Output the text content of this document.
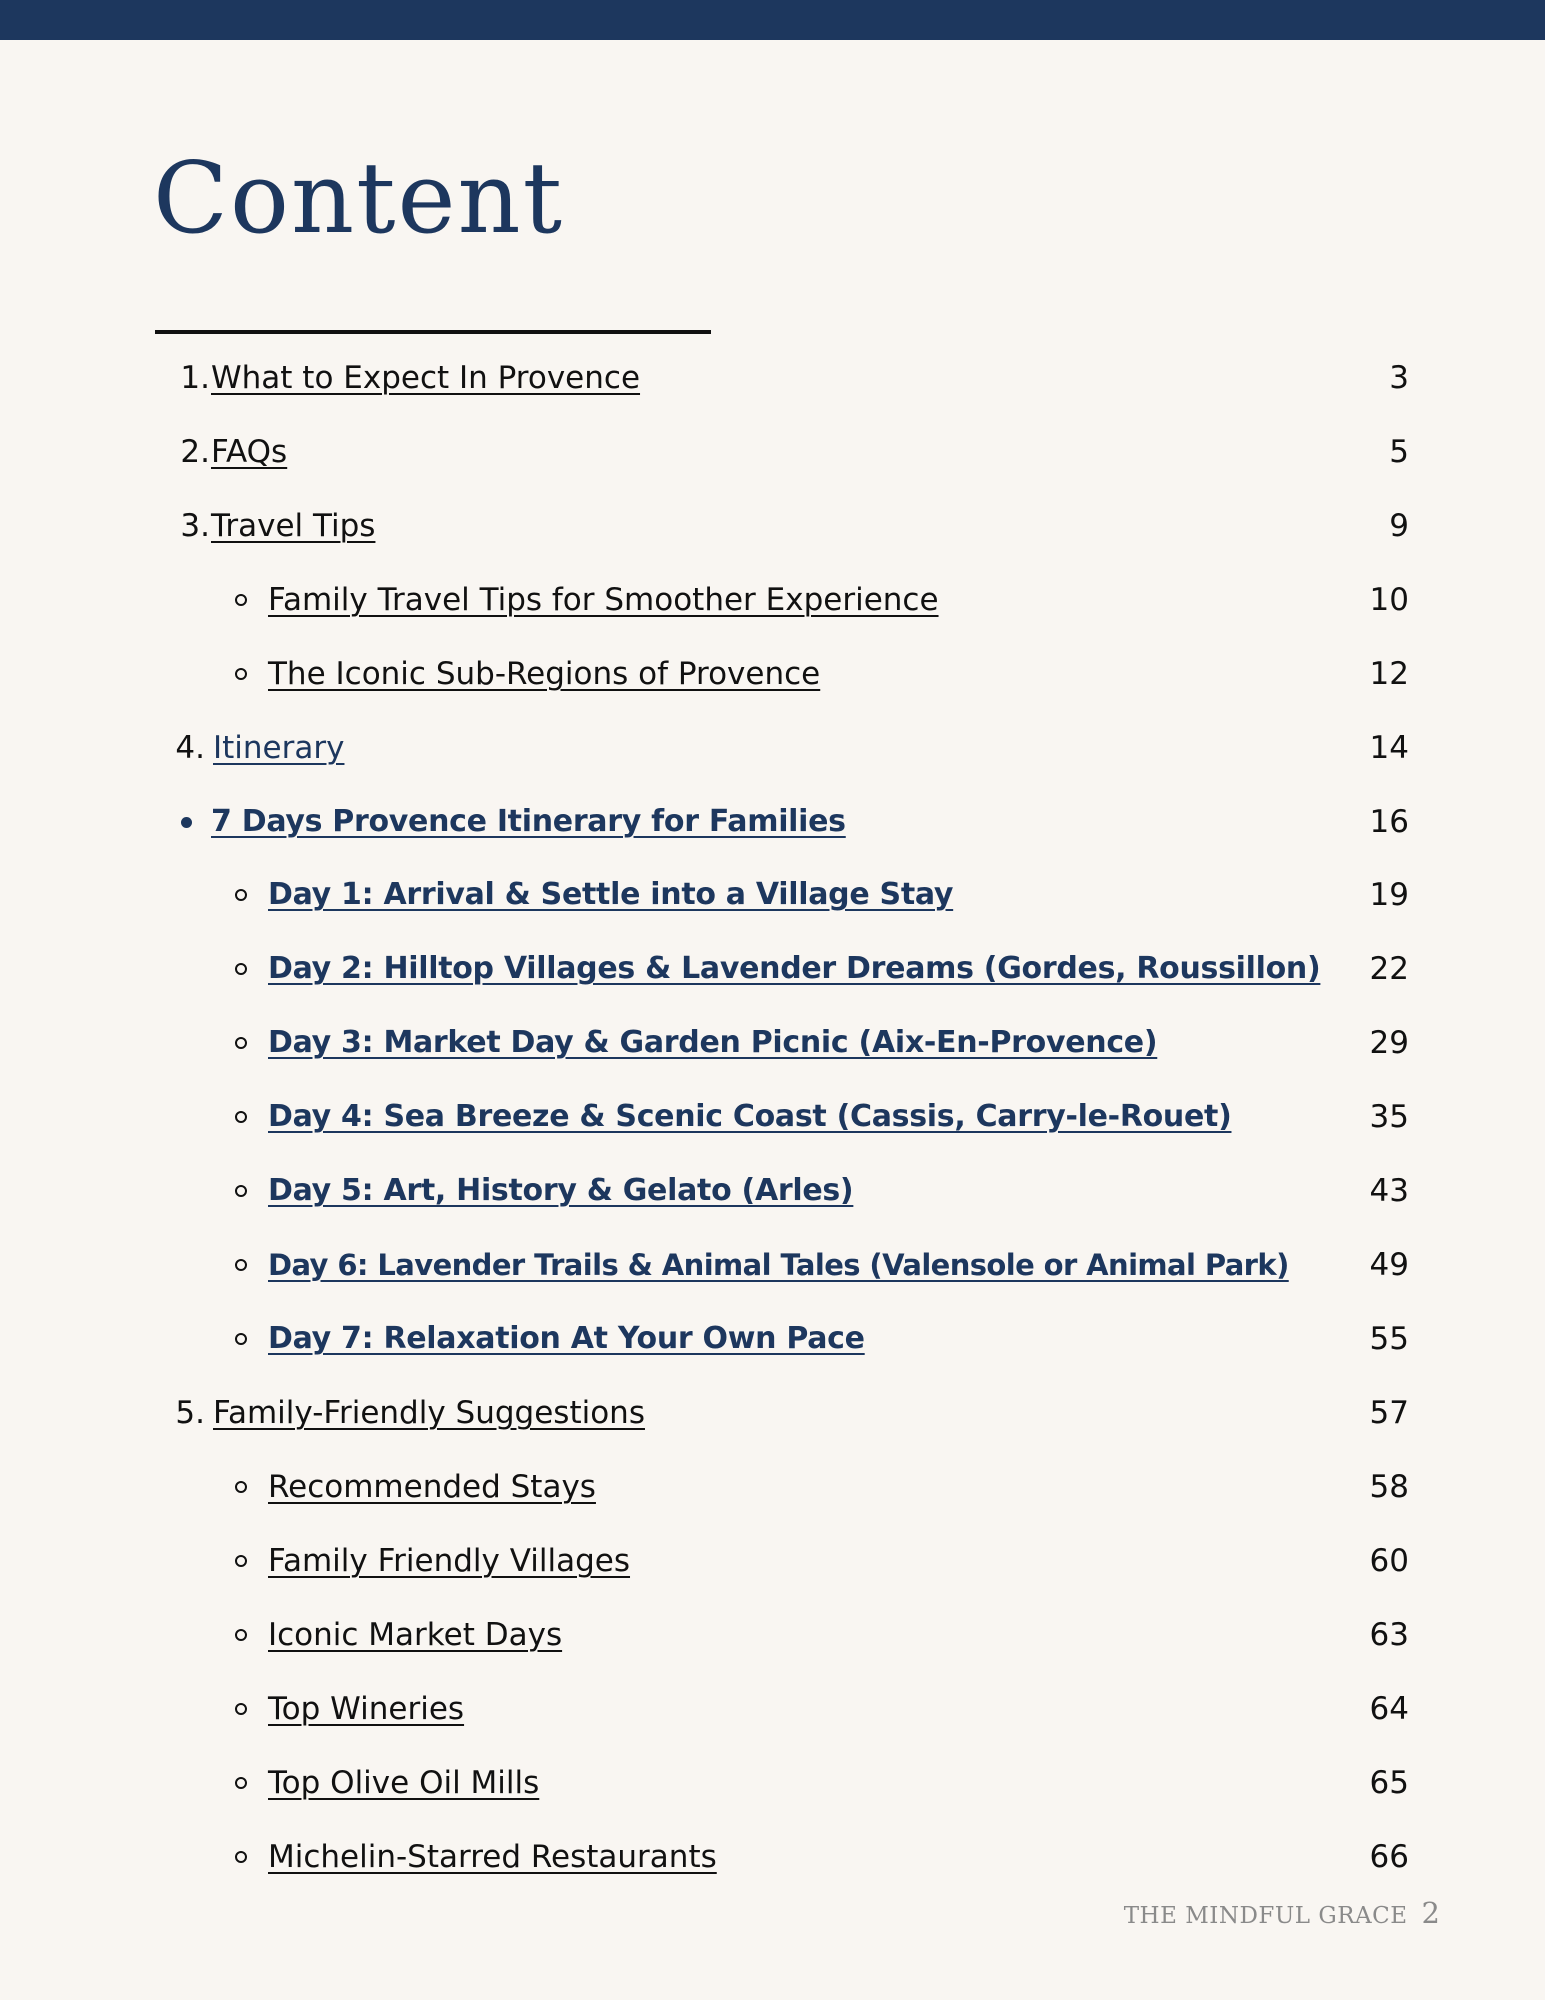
Content
1. What to Expect In Provence	3
2. FAQs	5
3. Travel Tips	9
Family Travel Tips for Smoother Experience	10
The Iconic Sub-Regions of Provence	12
4. Itinerary	14
7 Days Provence Itinerary for Families	16
Day 1: Arrival & Settle into a Village Stay	19
Day 2: Hilltop Villages & Lavender Dreams (Gordes, Roussillon) 22
Day 3: Market Day & Garden Picnic (Aix-En-Provence)	29
Day 4: Sea Breeze & Scenic Coast (Cassis, Carry-le-Rouet)	35
Day 5: Art, History & Gelato (Arles)	43
Day 6: Lavender Trails & Animal Tales (Valensole or Animal Park)	49
Day 7: Relaxation At Your Own Pace	55
5. Family-Friendly Suggestions	57
Recommended Stays	58
Family Friendly Villages	60
Iconic Market Days	63
Top Wineries	64
Top Olive Oil Mills	65
Michelin-Starred Restaurants	66
THE MINDFUL GRACE 2
